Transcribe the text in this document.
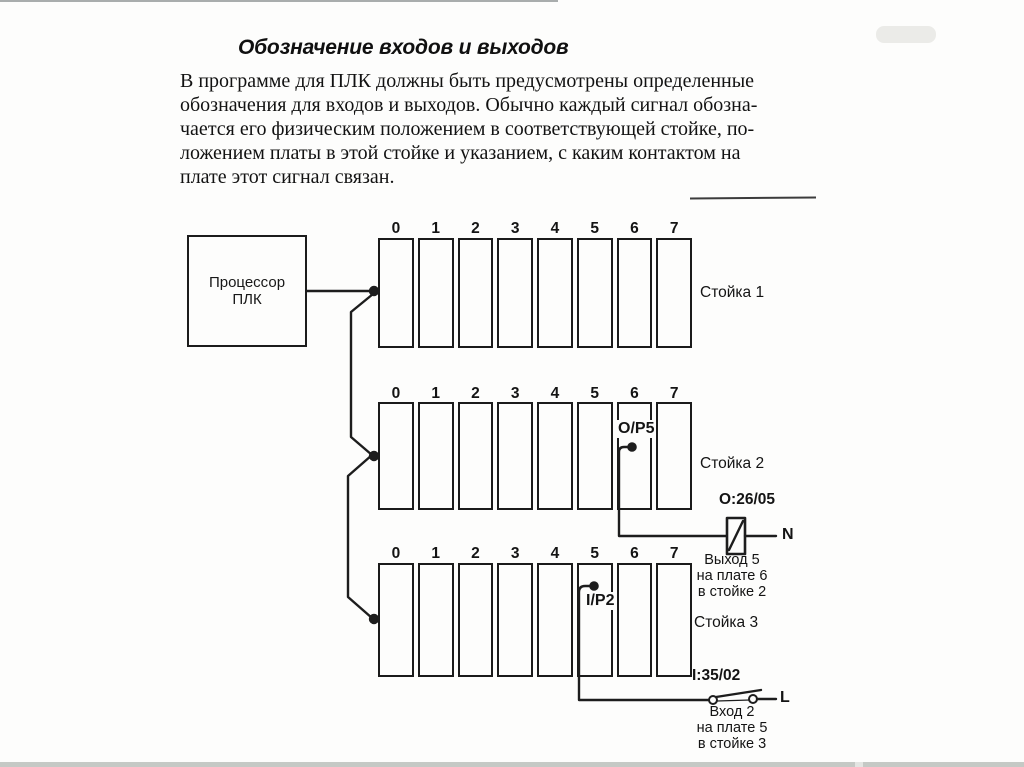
Обозначение входов и выходов
В программе для ПЛК должны быть предусмотрены определенные
обозначения для входов и выходов. Обычно каждый сигнал обозна-
чается его физическим положением в соответствующей стойке, по-
ложением платы в этой стойке и указанием, с каким контактом на
плате этот сигнал связан.
Процессор
ПЛК
0	1	2	3	4	5	6	7
Стойка 1
0	1	2	3	4	5	6	7
Стойка 2
O/P5
O:26/05
N
Выход 5
на плате 6
в стойке 2
0	1	2	3	4	5	6	7
Стойка 3
I/P2
I:35/02
L
Вход 2
на плате 5
в стойке 3
